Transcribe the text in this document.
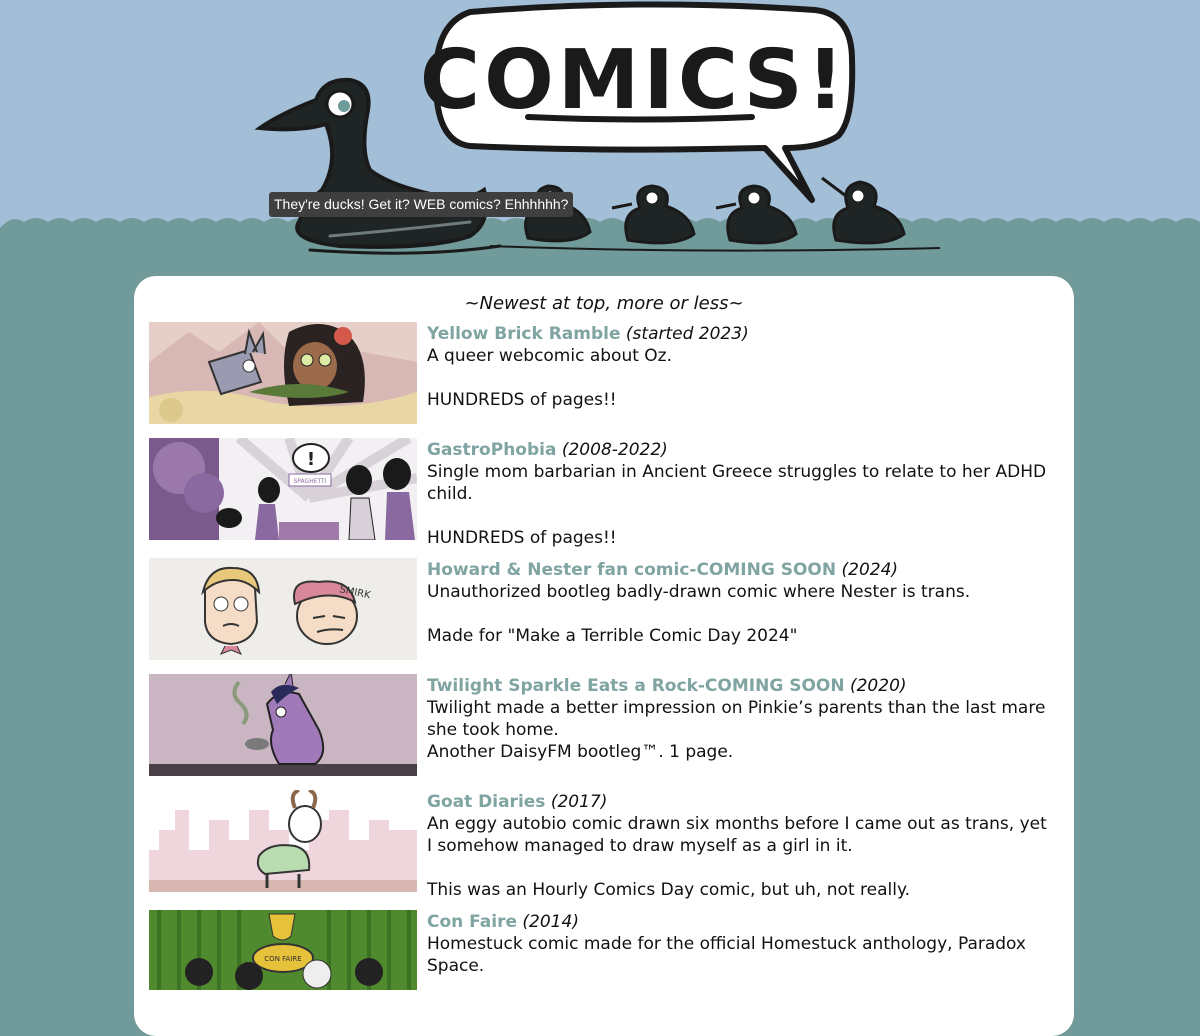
COMICS!
They're ducks! Get it? WEB comics? Ehhhhhh?
~Newest at top, more or less~
Yellow Brick Ramble (started 2023)
A queer webcomic about Oz.
HUNDREDS of pages!!
!
SPAGHETTI
GastroPhobia (2008-2022)
Single mom barbarian in Ancient Greece struggles to relate to her ADHD child.
HUNDREDS of pages!!
SMIRK
Howard & Nester fan comic-COMING SOON (2024)
Unauthorized bootleg badly-drawn comic where Nester is trans.
Made for "Make a Terrible Comic Day 2024"
Twilight Sparkle Eats a Rock-COMING SOON (2020)
Twilight made a better impression on Pinkie’s parents than the last mare she took home.
Another DaisyFM bootleg™. 1 page.
Goat Diaries (2017)
An eggy autobio comic drawn six months before I came out as trans, yet I somehow managed to draw myself as a girl in it.
This was an Hourly Comics Day comic, but uh, not really.
CON FAIRE
Con Faire (2014)
Homestuck comic made for the official Homestuck anthology, Paradox Space.
